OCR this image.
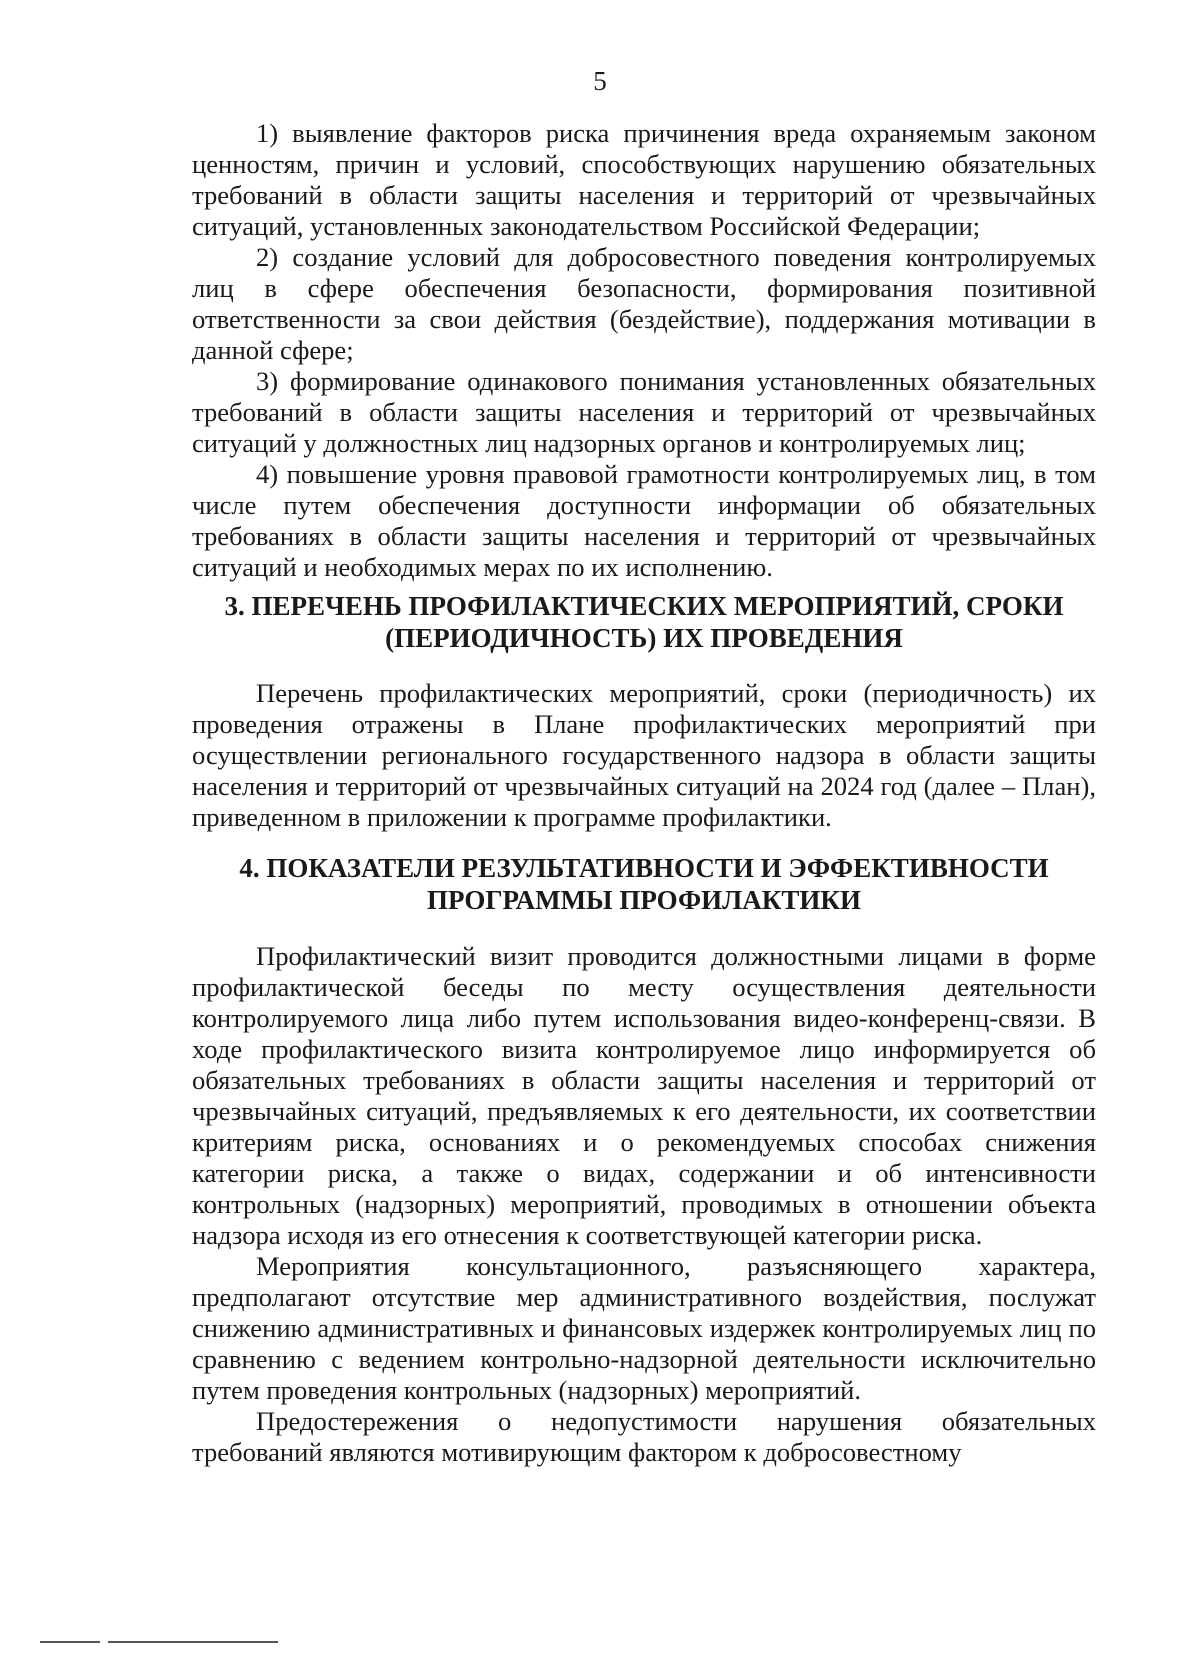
5

1) выявление факторов риска причинения вреда охраняемым законом ценностям, причин и условий, способствующих нарушению обязательных требований в области защиты населения и территорий от чрезвычайных ситуаций, установленных законодательством Российской Федерации;

2) создание условий для добросовестного поведения контролируемых лиц в сфере обеспечения безопасности, формирования позитивной ответственности за свои действия (бездействие), поддержания мотивации в данной сфере;

3) формирование одинакового понимания установленных обязательных требований в области защиты населения и территорий от чрезвычайных ситуаций у должностных лиц надзорных органов и контролируемых лиц;

4) повышение уровня правовой грамотности контролируемых лиц, в том числе путем обеспечения доступности информации об обязательных требованиях в области защиты населения и территорий от чрезвычайных ситуаций и необходимых мерах по их исполнению.

3. ПЕРЕЧЕНЬ ПРОФИЛАКТИЧЕСКИХ МЕРОПРИЯТИЙ, СРОКИ
(ПЕРИОДИЧНОСТЬ) ИХ ПРОВЕДЕНИЯ

Перечень профилактических мероприятий, сроки (периодичность) их проведения отражены в Плане профилактических мероприятий при осуществлении регионального государственного надзора в области защиты населения и территорий от чрезвычайных ситуаций на 2024 год (далее – План), приведенном в приложении к программе профилактики.

4. ПОКАЗАТЕЛИ РЕЗУЛЬТАТИВНОСТИ И ЭФФЕКТИВНОСТИ
ПРОГРАММЫ ПРОФИЛАКТИКИ

Профилактический визит проводится должностными лицами в форме профилактической беседы по месту осуществления деятельности контролируемого лица либо путем использования видео-конференц-связи. В ходе профилактического визита контролируемое лицо информируется об обязательных требованиях в области защиты населения и территорий от чрезвычайных ситуаций, предъявляемых к его деятельности, их соответствии критериям риска, основаниях и о рекомендуемых способах снижения категории риска, а также о видах, содержании и об интенсивности контрольных (надзорных) мероприятий, проводимых в отношении объекта надзора исходя из его отнесения к соответствующей категории риска.

Мероприятия консультационного, разъясняющего характера, предполагают отсутствие мер административного воздействия, послужат снижению административных и финансовых издержек контролируемых лиц по сравнению с ведением контрольно-надзорной деятельности исключительно путем проведения контрольных (надзорных) мероприятий.

Предостережения о недопустимости нарушения обязательных требований являются мотивирующим фактором к добросовестному
